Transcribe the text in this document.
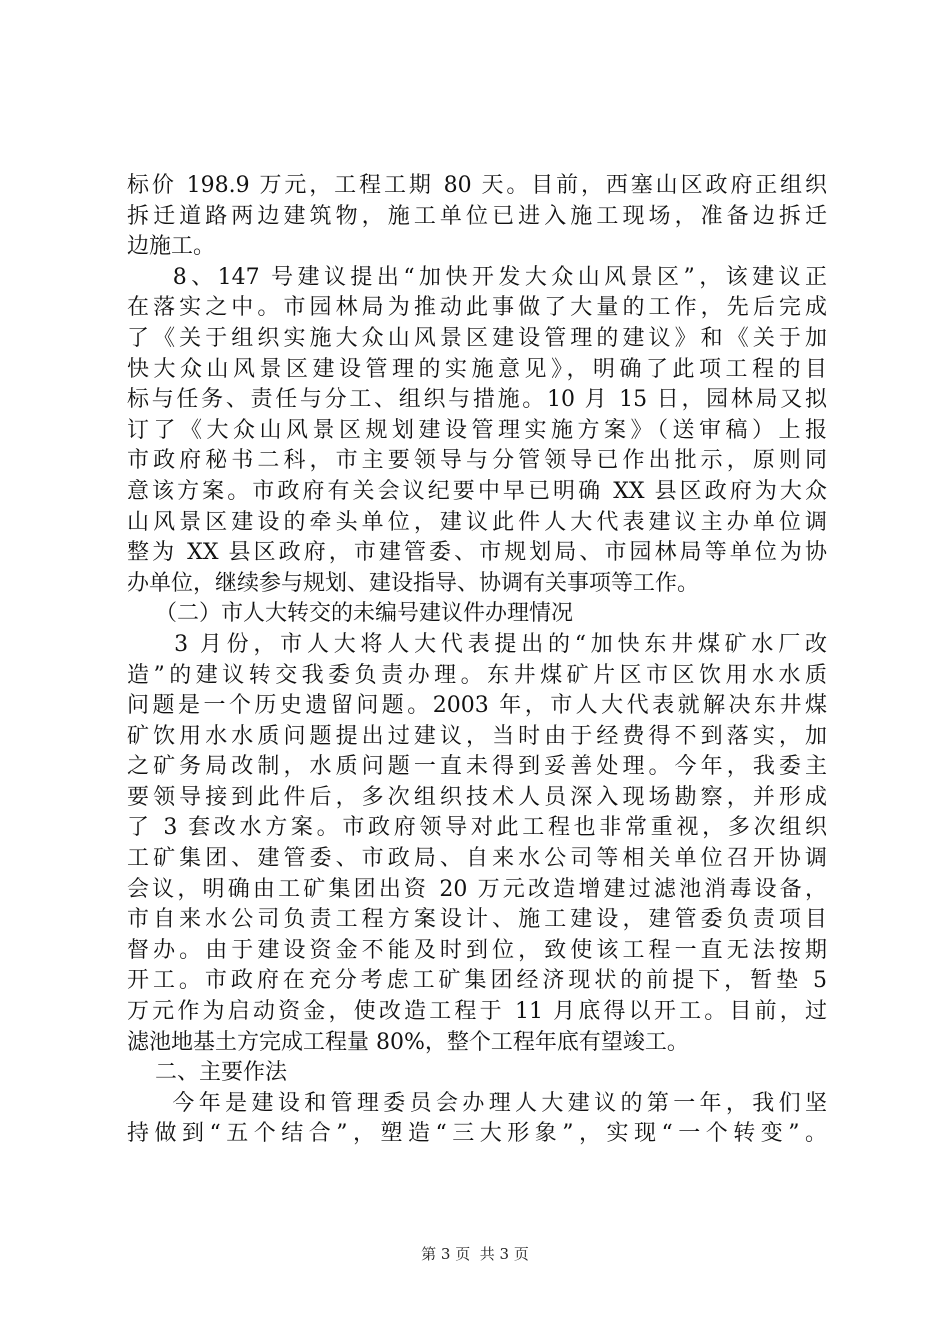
标价 198.9 万元，工程工期 80 天。目前，西塞山区政府正组织
拆迁道路两边建筑物，施工单位已进入施工现场，准备边拆迁
边施工。
8、147 号建议提出“加快开发大众山风景区”，该建议正
在落实之中。市园林局为推动此事做了大量的工作，先后完成
了《关于组织实施大众山风景区建设管理的建议》和《关于加
快大众山风景区建设管理的实施意见》，明确了此项工程的目
标与任务、责任与分工、组织与措施。10 月 15 日，园林局又拟
订了《大众山风景区规划建设管理实施方案》（送审稿）上报
市政府秘书二科，市主要领导与分管领导已作出批示，原则同
意该方案。市政府有关会议纪要中早已明确 XX 县区政府为大众
山风景区建设的牵头单位，建议此件人大代表建议主办单位调
整为 XX 县区政府，市建管委、市规划局、市园林局等单位为协
办单位，继续参与规划、建设指导、协调有关事项等工作。
（二）市人大转交的未编号建议件办理情况
3 月份，市人大将人大代表提出的“加快东井煤矿水厂改
造”的建议转交我委负责办理。东井煤矿片区市区饮用水水质
问题是一个历史遗留问题。2003 年，市人大代表就解决东井煤
矿饮用水水质问题提出过建议，当时由于经费得不到落实，加
之矿务局改制，水质问题一直未得到妥善处理。今年，我委主
要领导接到此件后，多次组织技术人员深入现场勘察，并形成
了 3 套改水方案。市政府领导对此工程也非常重视，多次组织
工矿集团、建管委、市政局、自来水公司等相关单位召开协调
会议，明确由工矿集团出资 20 万元改造增建过滤池消毒设备，
市自来水公司负责工程方案设计、施工建设，建管委负责项目
督办。由于建设资金不能及时到位，致使该工程一直无法按期
开工。市政府在充分考虑工矿集团经济现状的前提下，暂垫 5
万元作为启动资金，使改造工程于 11 月底得以开工。目前，过
滤池地基土方完成工程量 80%，整个工程年底有望竣工。
二、主要作法
今年是建设和管理委员会办理人大建议的第一年，我们坚
持做到“五个结合”，塑造“三大形象”，实现“一个转变”。
第 3 页  共 3 页
